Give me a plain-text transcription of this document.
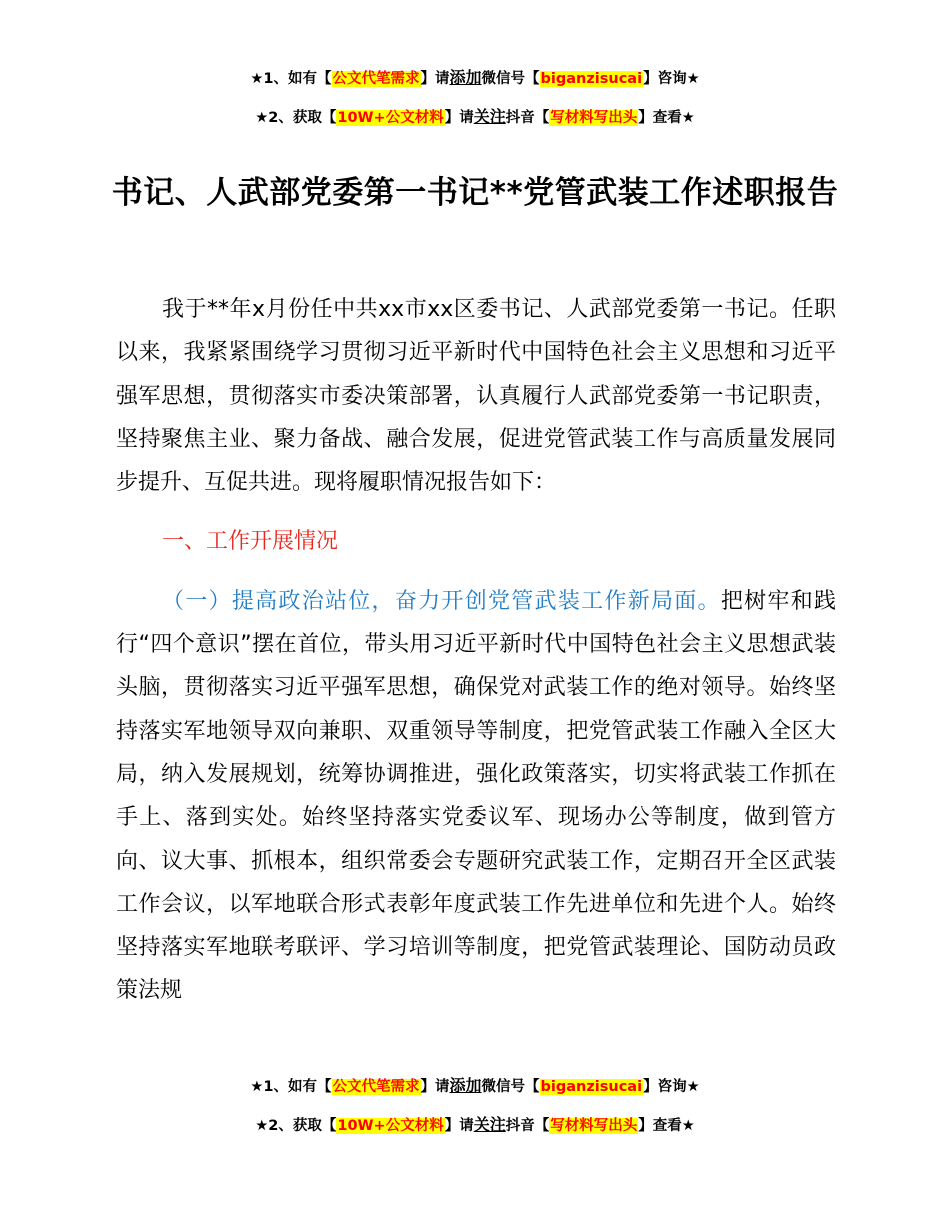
★1、如有【公文代笔需求】请添加微信号【biganzisucai】咨询★
★2、获取【10W+公文材料】请关注抖音【写材料写出头】查看★
书记、人武部党委第一书记**党管武装工作述职报告

我于**年x月份任中共xx市xx区委书记、人武部党委第一书记。任职以来，我紧紧围绕学习贯彻习近平新时代中国特色社会主义思想和习近平强军思想，贯彻落实市委决策部署，认真履行人武部党委第一书记职责，坚持聚焦主业、聚力备战、融合发展，促进党管武装工作与高质量发展同步提升、互促共进。现将履职情况报告如下：

一、工作开展情况

（一）提高政治站位，奋力开创党管武装工作新局面。把树牢和践行“四个意识”摆在首位，带头用习近平新时代中国特色社会主义思想武装头脑，贯彻落实习近平强军思想，确保党对武装工作的绝对领导。始终坚持落实军地领导双向兼职、双重领导等制度，把党管武装工作融入全区大局，纳入发展规划，统筹协调推进，强化政策落实，切实将武装工作抓在手上、落到实处。始终坚持落实党委议军、现场办公等制度，做到管方向、议大事、抓根本，组织常委会专题研究武装工作，定期召开全区武装工作会议，以军地联合形式表彰年度武装工作先进单位和先进个人。始终坚持落实军地联考联评、学习培训等制度，把党管武装理论、国防动员政策法规

★1、如有【公文代笔需求】请添加微信号【biganzisucai】咨询★
★2、获取【10W+公文材料】请关注抖音【写材料写出头】查看★
